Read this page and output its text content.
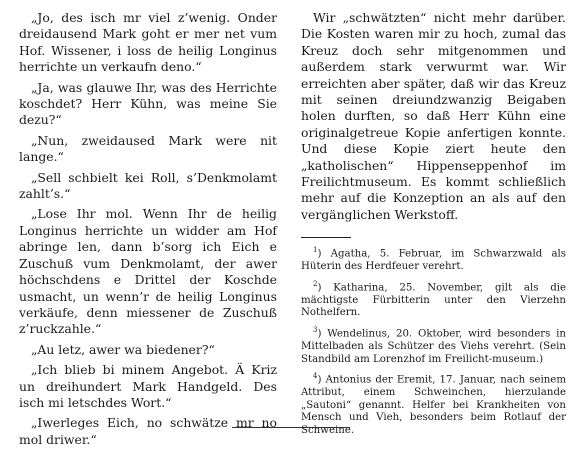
„Jo, des isch mr viel z’wenig. Onder dreidausend Mark goht er mer net vum Hof. Wissener, i loss de heilig Longinus herrichte un verkaufn deno.“

„Ja, was glauwe Ihr, was des Herrichte koschdet? Herr Kühn, was meine Sie dezu?“

„Nun, zweidaused Mark were nit lange.“

„Sell schbielt kei Roll, s’Denkmolamt zahlt’s.“

„Lose Ihr mol. Wenn Ihr de heilig Longinus herrichte un widder am Hof abringe len, dann b’sorg ich Eich e Zuschuß vum Denkmolamt, der awer höchschdens e Drittel der Koschde usmacht, un wenn’r de heilig Longinus verkäufe, denn miessener de Zuschuß z’ruckzahle.“

„Au letz, awer wa biedener?“

„Ich blieb bi minem Angebot. Ä Kriz un dreihundert Mark Handgeld. Des isch mi letschdes Wort.“

„Iwerleges Eich, no schwätze mr no mol driwer.“

Wir „schwätzten“ nicht mehr darüber. Die Kosten waren mir zu hoch, zumal das Kreuz doch sehr mitgenommen und außerdem stark verwurmt war. Wir erreichten aber später, daß wir das Kreuz mit seinen dreiundzwanzig Beigaben holen durften, so daß Herr Kühn eine originalgetreue Kopie anfertigen konnte. Und diese Kopie ziert heute den „katholischen“ Hippenseppenhof im Freilichtmuseum. Es kommt schließlich mehr auf die Konzeption an als auf den vergänglichen Werkstoff.

$^1$) Agatha, 5. Februar, im Schwarzwald als Hüterin des Herdfeuer verehrt.

$^2$) Katharina, 25. November, gilt als die mächtigste Fürbitterin unter den Vierzehn Nothelfern.

$^3$) Wendelinus, 20. Oktober, wird besonders in Mittelbaden als Schützer des Viehs verehrt. (Sein Standbild am Lorenzhof im Freilicht-museum.)

$^4$) Antonius der Eremit, 17. Januar, nach seinem Attribut, einem Schweinchen, hierzulande „Sautoni“ genannt. Helfer bei Krankheiten von Mensch und Vieh, besonders beim Rotlauf der Schweine.
